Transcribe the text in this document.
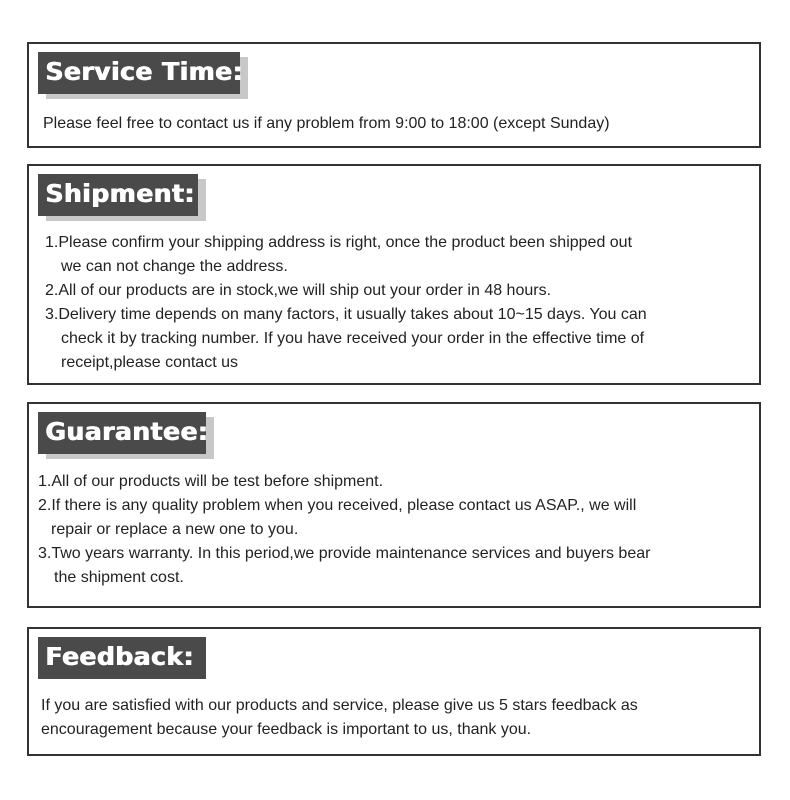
Service Time:
Please feel free to contact us if any problem from 9:00 to 18:00 (except Sunday)
Shipment:
1.Please confirm your shipping address is right, once the product been shipped out
we can not change the address.
2.All of our products are in stock,we will ship out your order in 48 hours.
3.Delivery time depends on many factors, it usually takes about 10~15 days. You can
check it by tracking number. If you have received your order in the effective time of
receipt,please contact us
Guarantee:
1.All of our products will be test before shipment.
2.If there is any quality problem when you received, please contact us ASAP., we will
repair or replace a new one to you.
3.Two years warranty. In this period,we provide maintenance services and buyers bear
the shipment cost.
Feedback:
If you are satisfied with our products and service, please give us 5 stars feedback as
encouragement because your feedback is important to us, thank you.
